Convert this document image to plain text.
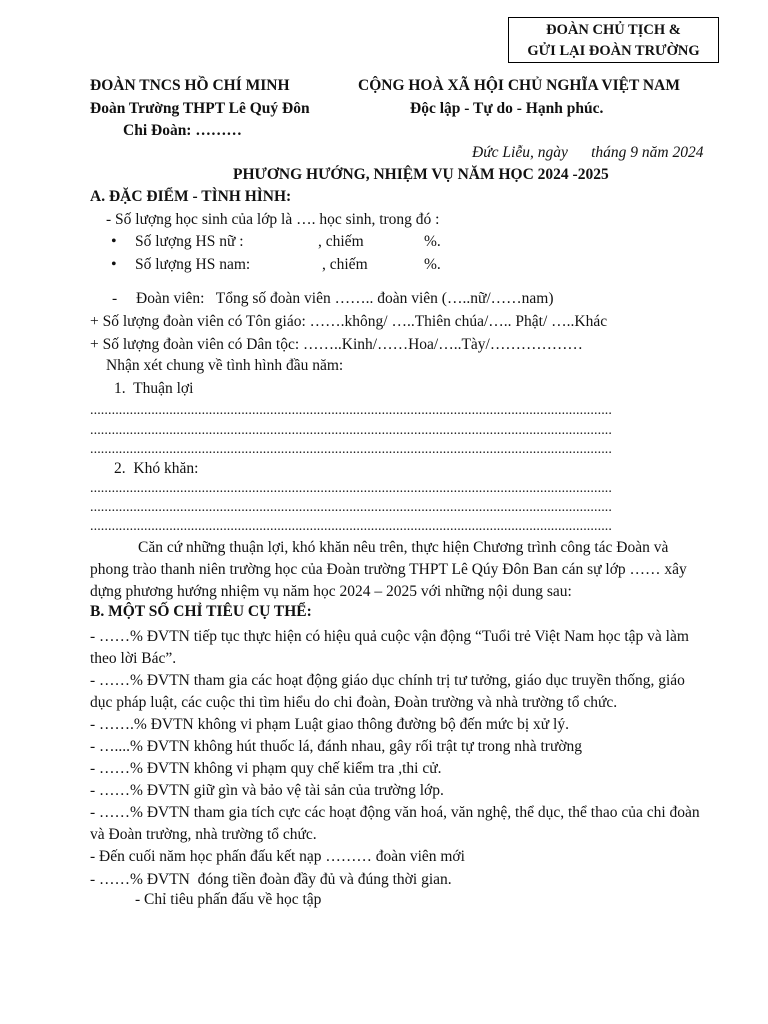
ĐOÀN CHỦ TỊCH &
GỬI LẠI ĐOÀN TRƯỜNG
ĐOÀN TNCS HỒ CHÍ MINH
Đoàn Trường THPT Lê Quý Đôn
Chi Đoàn: ………
CỘNG HOÀ XÃ HỘI CHỦ NGHĨA VIỆT NAM
Độc lập - Tự do - Hạnh phúc.
Đức Liễu, ngày      tháng 9 năm 2024
PHƯƠNG HƯỚNG, NHIỆM VỤ NĂM HỌC 2024 -2025
A. ĐẶC ĐIỂM - TÌNH HÌNH:
- Số lượng học sinh của lớp là …. học sinh, trong đó :
• Số lượng HS nữ :	, chiếm	%.
• Số lượng HS nam:	, chiếm	%.
- Đoàn viên:   Tổng số đoàn viên …….. đoàn viên (…..nữ/……nam)
+ Số lượng đoàn viên có Tôn giáo: …….không/ …..Thiên chúa/….. Phật/ …..Khác
+ Số lượng đoàn viên có Dân tộc: ……..Kinh/……Hoa/…..Tày/………………
Nhận xét chung về tình hình đầu năm:
1.  Thuận lợi
.................................................................................................................................................
.................................................................................................................................................
.................................................................................................................................................
2.  Khó khăn:
.................................................................................................................................................
.................................................................................................................................................
.................................................................................................................................................
Căn cứ những thuận lợi, khó khăn nêu trên, thực hiện Chương trình công tác Đoàn và phong trào thanh niên trường học của Đoàn trường THPT Lê Qúy Đôn Ban cán sự lớp …… xây dựng phương hướng nhiệm vụ năm học 2024 – 2025 với những nội dung sau:
B. MỘT SỐ CHỈ TIÊU CỤ THỂ:
- ……% ĐVTN tiếp tục thực hiện có hiệu quả cuộc vận động “Tuổi trẻ Việt Nam học tập và làm theo lời Bác”.
- ……% ĐVTN tham gia các hoạt động giáo dục chính trị tư tưởng, giáo dục truyền thống, giáo dục pháp luật, các cuộc thi tìm hiểu do chi đoàn, Đoàn trường và nhà trường tổ chức.
- …….% ĐVTN không vi phạm Luật giao thông đường bộ đến mức bị xử lý.
- …....% ĐVTN không hút thuốc lá, đánh nhau, gây rối trật tự trong nhà trường
- ……% ĐVTN không vi phạm quy chế kiểm tra ,thi cử.
- ……% ĐVTN giữ gìn và bảo vệ tài sản của trường lớp.
- ……% ĐVTN tham gia tích cực các hoạt động văn hoá, văn nghệ, thể dục, thể thao của chi đoàn và Đoàn trường, nhà trường tổ chức.
- Đến cuối năm học phấn đấu kết nạp ……… đoàn viên mới
- ……% ĐVTN  đóng tiền đoàn đầy đủ và đúng thời gian.
- Chỉ tiêu phấn đấu về học tập
